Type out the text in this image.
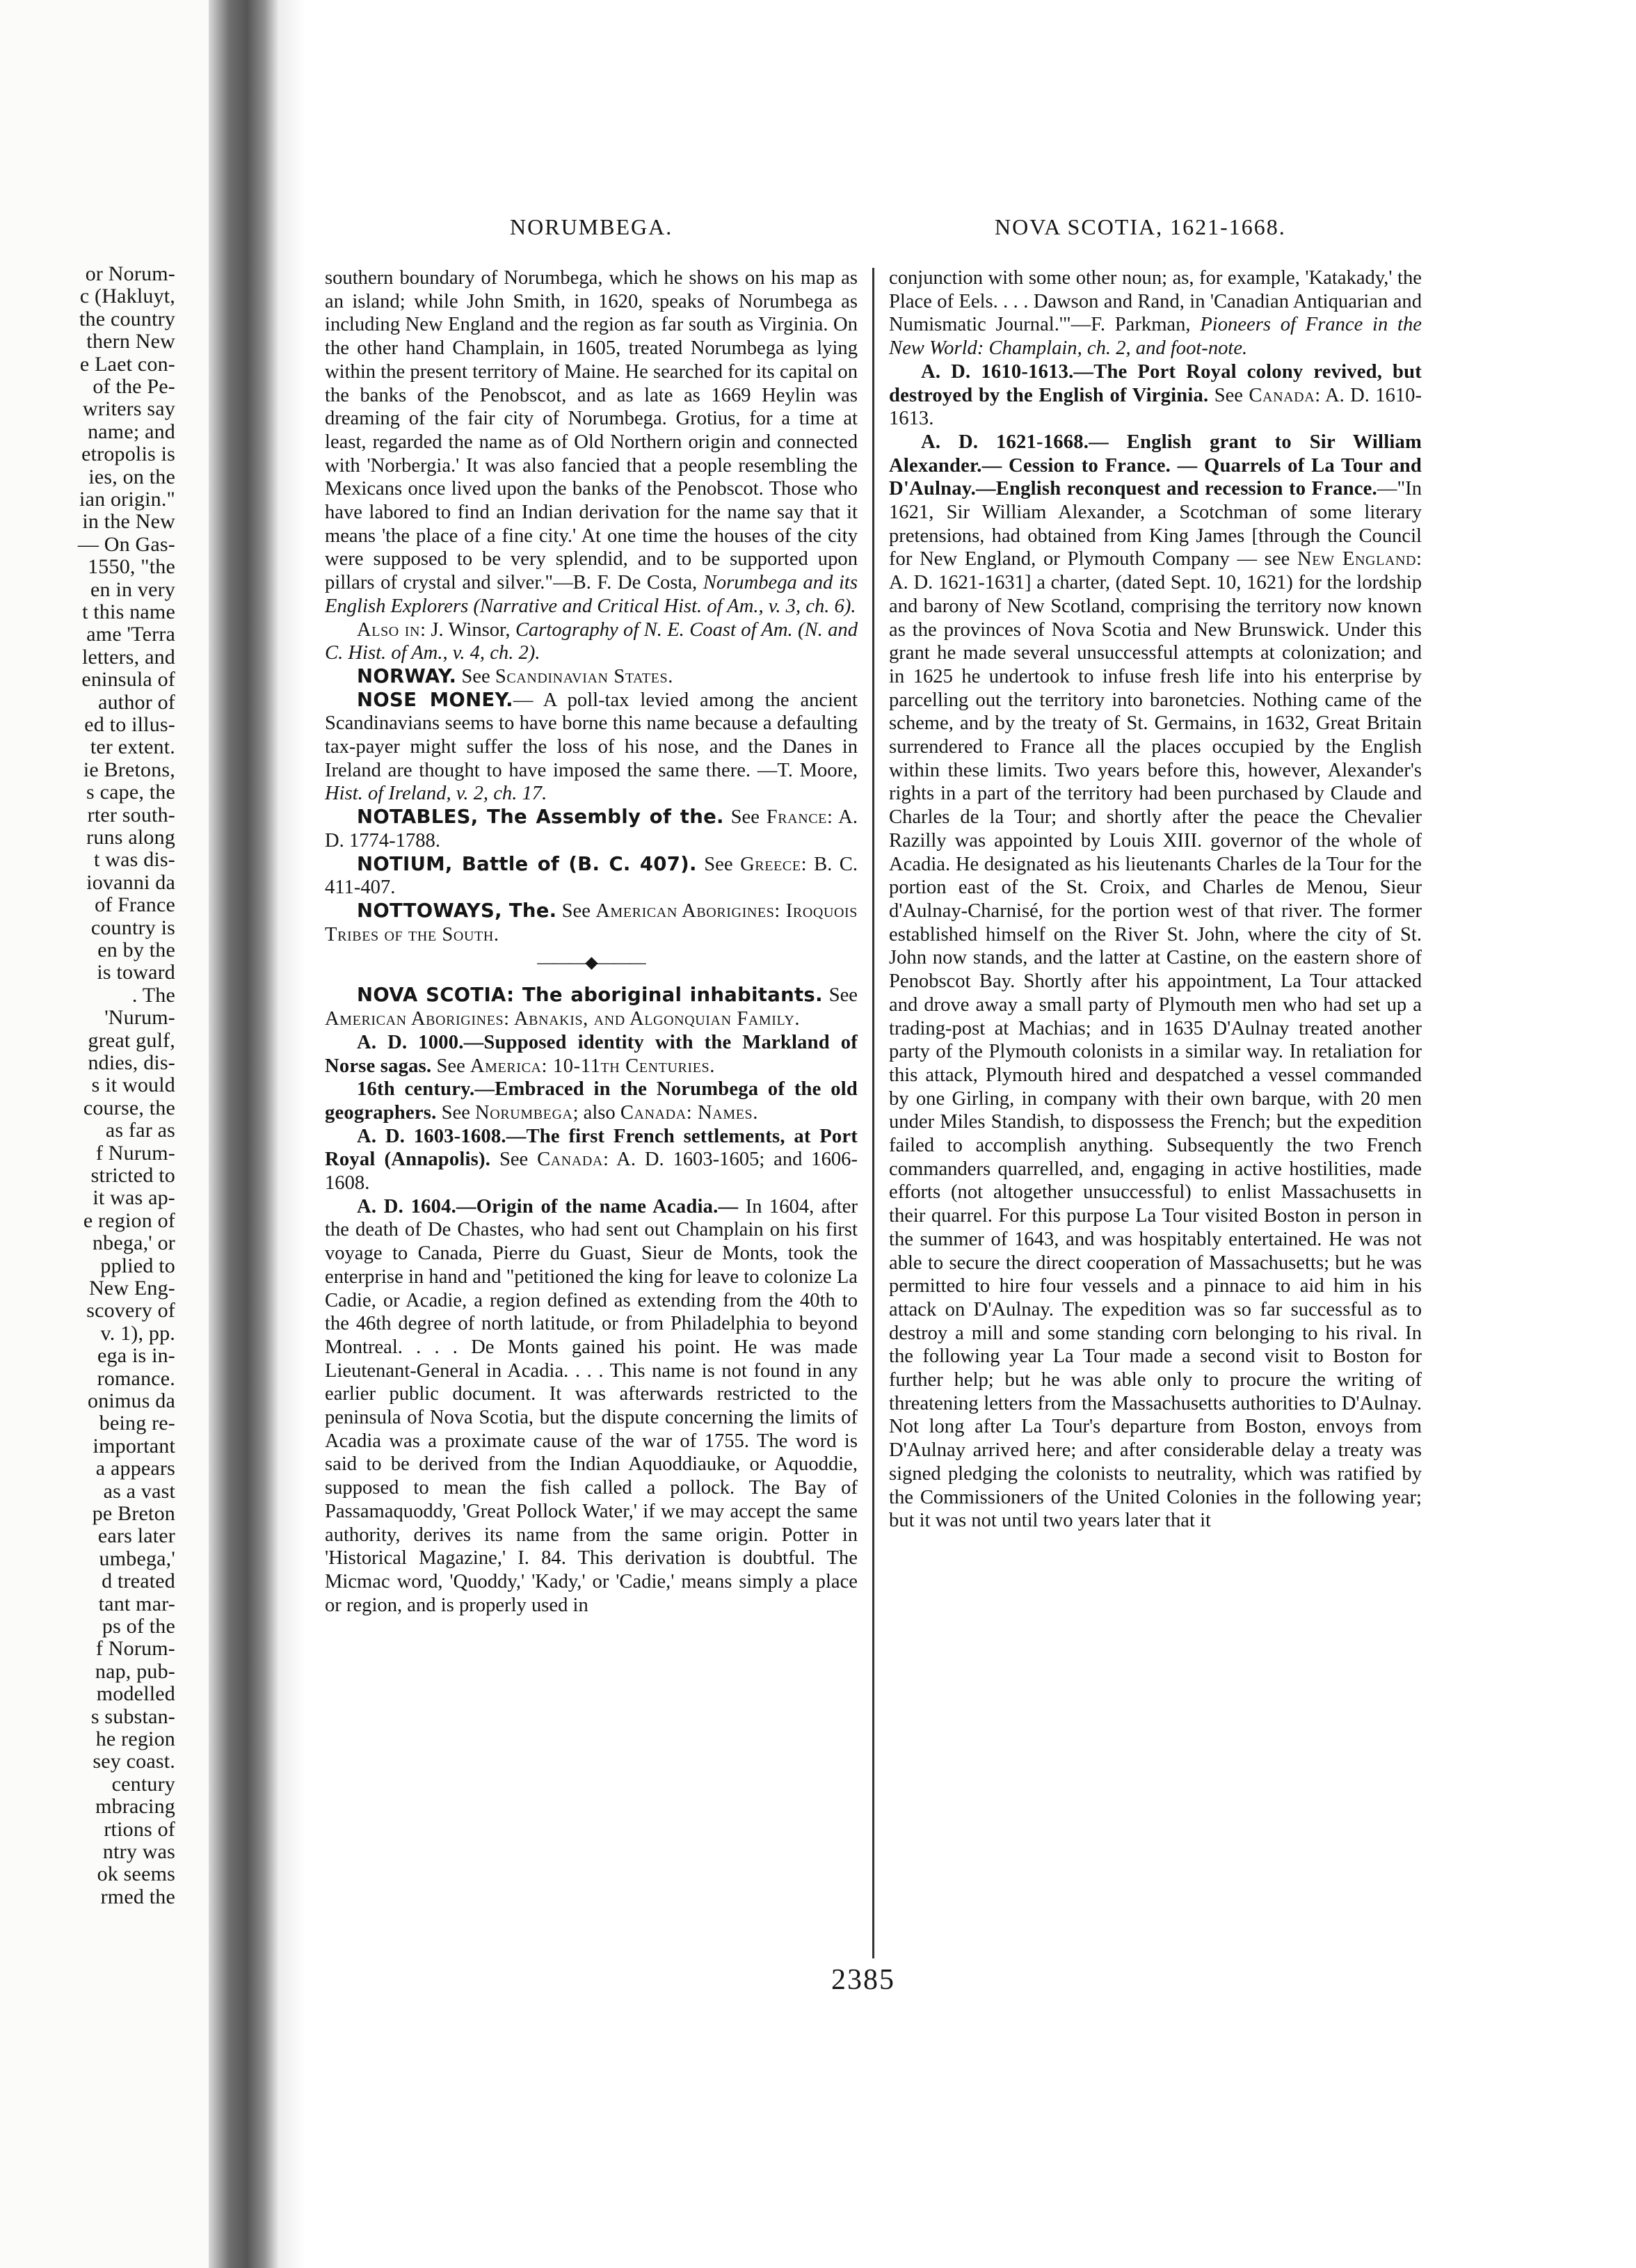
or Norum-
c (Hakluyt,
the country
thern New
e Laet con-
of the Pe-
writers say
name; and
etropolis is
ies, on the
ian origin."
in the New
— On Gas-
1550, "the
en in very
t this name
ame 'Terra
letters, and
eninsula of
author of
ed to illus-
ter extent.
ie Bretons,
s cape, the
rter south-
runs along
t was dis-
iovanni da
of France
country is
en by the
is toward
. The
'Nurum-
great gulf,
ndies, dis-
s it would
course, the
as far as
f Nurum-
stricted to
it was ap-
e region of
nbega,' or
pplied to
New Eng-
scovery of
v. 1), pp.
ega is in-
romance.
onimus da
being re-
important
a appears
as a vast
pe Breton
ears later
umbega,'
d treated
tant mar-
ps of the
f Norum-
nap, pub-
modelled
s substan-
he region
sey coast.
century
mbracing
rtions of
ntry was
ok seems
rmed the
NORUMBEGA.	NOVA SCOTIA, 1621-1668.

southern boundary of Norumbega, which he shows on his map as an island; while John Smith, in 1620, speaks of Norumbega as including New England and the region as far south as Virginia. On the other hand Champlain, in 1605, treated Norumbega as lying within the present territory of Maine. He searched for its capital on the banks of the Penobscot, and as late as 1669 Heylin was dreaming of the fair city of Norumbega. Grotius, for a time at least, regarded the name as of Old Northern origin and connected with 'Norbergia.' It was also fancied that a people resembling the Mexicans once lived upon the banks of the Penobscot. Those who have labored to find an Indian derivation for the name say that it means 'the place of a fine city.' At one time the houses of the city were supposed to be very splendid, and to be supported upon pillars of crystal and silver."—B. F. De Costa, Norumbega and its English Explorers (Narrative and Critical Hist. of Am., v. 3, ch. 6).

Also in: J. Winsor, Cartography of N. E. Coast of Am. (N. and C. Hist. of Am., v. 4, ch. 2).

NORWAY. See Scandinavian States.

NOSE MONEY.— A poll-tax levied among the ancient Scandinavians seems to have borne this name because a defaulting tax-payer might suffer the loss of his nose, and the Danes in Ireland are thought to have imposed the same there. —T. Moore, Hist. of Ireland, v. 2, ch. 17.

NOTABLES, The Assembly of the. See France: A. D. 1774-1788.

NOTIUM, Battle of (B. C. 407). See Greece: B. C. 411-407.

NOTTOWAYS, The. See American Aborigines: Iroquois Tribes of the South.

———◆———

NOVA SCOTIA: The aboriginal inhabitants. See American Aborigines: Abnakis, and Algonquian Family.

A. D. 1000.—Supposed identity with the Markland of Norse sagas. See America: 10-11th Centuries.

16th century.—Embraced in the Norumbega of the old geographers. See Norumbega; also Canada: Names.

A. D. 1603-1608.—The first French settlements, at Port Royal (Annapolis). See Canada: A. D. 1603-1605; and 1606-1608.

A. D. 1604.—Origin of the name Acadia.— In 1604, after the death of De Chastes, who had sent out Champlain on his first voyage to Canada, Pierre du Guast, Sieur de Monts, took the enterprise in hand and "petitioned the king for leave to colonize La Cadie, or Acadie, a region defined as extending from the 40th to the 46th degree of north latitude, or from Philadelphia to beyond Montreal. . . . De Monts gained his point. He was made Lieutenant-General in Acadia. . . . This name is not found in any earlier public document. It was afterwards restricted to the peninsula of Nova Scotia, but the dispute concerning the limits of Acadia was a proximate cause of the war of 1755. The word is said to be derived from the Indian Aquoddiauke, or Aquoddie, supposed to mean the fish called a pollock. The Bay of Passamaquoddy, 'Great Pollock Water,' if we may accept the same authority, derives its name from the same origin. Potter in 'Historical Magazine,' I. 84. This derivation is doubtful. The Micmac word, 'Quoddy,' 'Kady,' or 'Cadie,' means simply a place or region, and is properly used in

conjunction with some other noun; as, for example, 'Katakady,' the Place of Eels. . . . Dawson and Rand, in 'Canadian Antiquarian and Numismatic Journal.'"—F. Parkman, Pioneers of France in the New World: Champlain, ch. 2, and foot-note.

A. D. 1610-1613.—The Port Royal colony revived, but destroyed by the English of Virginia. See Canada: A. D. 1610-1613.

A. D. 1621-1668.— English grant to Sir William Alexander.— Cession to France. — Quarrels of La Tour and D'Aulnay.—English reconquest and recession to France.—"In 1621, Sir William Alexander, a Scotchman of some literary pretensions, had obtained from King James [through the Council for New England, or Plymouth Company — see New England: A. D. 1621-1631] a charter, (dated Sept. 10, 1621) for the lordship and barony of New Scotland, comprising the territory now known as the provinces of Nova Scotia and New Brunswick. Under this grant he made several unsuccessful attempts at colonization; and in 1625 he undertook to infuse fresh life into his enterprise by parcelling out the territory into baronetcies. Nothing came of the scheme, and by the treaty of St. Germains, in 1632, Great Britain surrendered to France all the places occupied by the English within these limits. Two years before this, however, Alexander's rights in a part of the territory had been purchased by Claude and Charles de la Tour; and shortly after the peace the Chevalier Razilly was appointed by Louis XIII. governor of the whole of Acadia. He designated as his lieutenants Charles de la Tour for the portion east of the St. Croix, and Charles de Menou, Sieur d'Aulnay-Charnisé, for the portion west of that river. The former established himself on the River St. John, where the city of St. John now stands, and the latter at Castine, on the eastern shore of Penobscot Bay. Shortly after his appointment, La Tour attacked and drove away a small party of Plymouth men who had set up a trading-post at Machias; and in 1635 D'Aulnay treated another party of the Plymouth colonists in a similar way. In retaliation for this attack, Plymouth hired and despatched a vessel commanded by one Girling, in company with their own barque, with 20 men under Miles Standish, to dispossess the French; but the expedition failed to accomplish anything. Subsequently the two French commanders quarrelled, and, engaging in active hostilities, made efforts (not altogether unsuccessful) to enlist Massachusetts in their quarrel. For this purpose La Tour visited Boston in person in the summer of 1643, and was hospitably entertained. He was not able to secure the direct cooperation of Massachusetts; but he was permitted to hire four vessels and a pinnace to aid him in his attack on D'Aulnay. The expedition was so far successful as to destroy a mill and some standing corn belonging to his rival. In the following year La Tour made a second visit to Boston for further help; but he was able only to procure the writing of threatening letters from the Massachusetts authorities to D'Aulnay. Not long after La Tour's departure from Boston, envoys from D'Aulnay arrived here; and after considerable delay a treaty was signed pledging the colonists to neutrality, which was ratified by the Commissioners of the United Colonies in the following year; but it was not until two years later that it

2385
